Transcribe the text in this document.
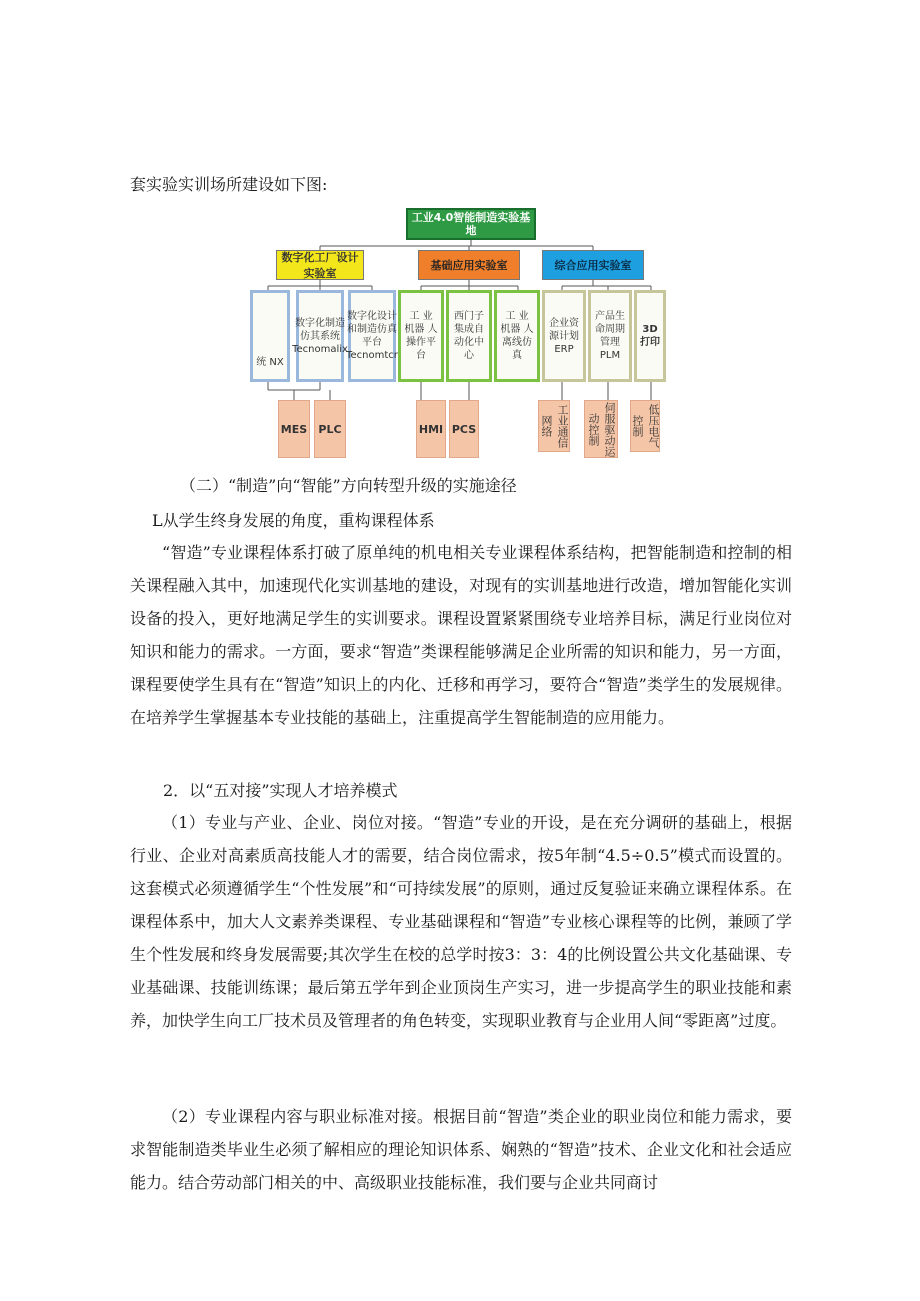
套实验实训场所建设如下图:

工业4.0智能制造实验基地
数字化工厂设计实验室
基础应用实验室	综合应用实验室
统 NX
数字化制造仿其系统Tecnomalix
数字化设计和制造仿真平台Tecnomtcr
工 业 机器 人 操作平台
西门子集成自动化中心
工 业 机器 人 离线仿真
企业资源计划ERP
产品生命周期管理PLM
3D打印
MES	PLC	HMI PCS	工业通信网络	伺服驱动运动控制	低压电气控制

（二）“制造”向“智能”方向转型升级的实施途径

L从学生终身发展的角度，重构课程体系

“智造”专业课程体系打破了原单纯的机电相关专业课程体系结构，把智能制造和控制的相关课程融入其中，加速现代化实训基地的建设，对现有的实训基地进行改造，增加智能化实训设备的投入，更好地满足学生的实训要求。课程设置紧紧围绕专业培养目标，满足行业岗位对知识和能力的需求。一方面，要求“智造”类课程能够满足企业所需的知识和能力，另一方面，课程要使学生具有在“智造”知识上的内化、迁移和再学习，要符合“智造”类学生的发展规律。在培养学生掌握基本专业技能的基础上，注重提高学生智能制造的应用能力。

2．以“五对接”实现人才培养模式

（1）专业与产业、企业、岗位对接。“智造”专业的开设，是在充分调研的基础上，根据行业、企业对高素质高技能人才的需要，结合岗位需求，按5年制“4.5÷0.5”模式而设置的。这套模式必须遵循学生“个性发展”和“可持续发展”的原则，通过反复验证来确立课程体系。在课程体系中，加大人文素养类课程、专业基础课程和“智造”专业核心课程等的比例，兼顾了学生个性发展和终身发展需要;其次学生在校的总学时按3：3：4的比例设置公共文化基础课、专业基础课、技能训练课；最后第五学年到企业顶岗生产实习，进一步提高学生的职业技能和素养，加快学生向工厂技术员及管理者的角色转变，实现职业教育与企业用人间“零距离”过度。

（2）专业课程内容与职业标准对接。根据目前“智造”类企业的职业岗位和能力需求，要求智能制造类毕业生必须了解相应的理论知识体系、娴熟的“智造”技术、企业文化和社会适应能力。结合劳动部门相关的中、高级职业技能标准，我们要与企业共同商讨
